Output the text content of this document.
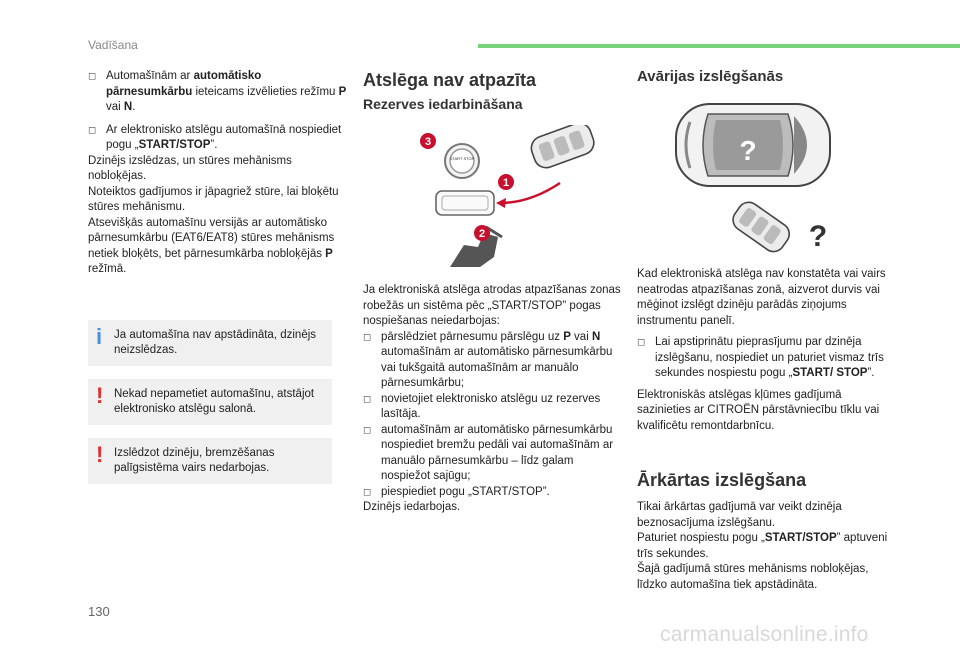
Vadīšana
◻ Automašīnām ar automātisko pārnesumkārbu ieteicams izvēlieties režīmu P vai N.
◻ Ar elektronisko atslēgu automašīnā nospiediet pogu „START/STOP”.
Dzinējs izslēdzas, un stūres mehānisms nobloķējas.
Noteiktos gadījumos ir jāpagriež stūre, lai bloķētu stūres mehānismu.
Atsevišķās automašīnu versijās ar automātisko pārnesumkārbu (EAT6/EAT8) stūres mehānisms netiek bloķēts, bet pārnesumkārba nobloķējās P režīmā.
i Ja automašīna nav apstādināta, dzinējs neizslēdzas.
! Nekad nepametiet automašīnu, atstājot elektronisko atslēgu salonā.
! Izslēdzot dzinēju, bremzēšanas palīgsistēma vairs nedarbojas.
Atslēga nav atpazīta
Rezerves iedarbināšana
START STOP
3
1
2
Ja elektroniskā atslēga atrodas atpazīšanas zonas robežās un sistēma pēc „START/STOP” pogas nospiešanas neiedarbojas:
◻ pārslēdziet pārnesumu pārslēgu uz P vai N automašīnām ar automātisko pārnesumkārbu vai tukšgaitā automašīnām ar manuālo pārnesumkārbu;
◻ novietojiet elektronisko atslēgu uz rezerves lasītāja.
◻ automašīnām ar automātisko pārnesumkārbu nospiediet bremžu pedāli vai automašīnām ar manuālo pārnesumkārbu – līdz galam nospiežot sajūgu;
◻ piespiediet pogu „START/STOP”.
Dzinējs iedarbojas.
Avārijas izslēgšanās
?
?
Kad elektroniskā atslēga nav konstatēta vai vairs neatrodas atpazīšanas zonā, aizverot durvis vai mēģinot izslēgt dzinēju parādās ziņojums instrumentu panelī.
◻ Lai apstiprinātu pieprasījumu par dzinēja izslēgšanu, nospiediet un paturiet vismaz trīs sekundes nospiestu pogu „START/ STOP”.
Elektroniskās atslēgas kļūmes gadījumā sazinieties ar CITROËN pārstāvniecību tīklu vai kvalificētu remontdarbnīcu.
Ārkārtas izslēgšana
Tikai ārkārtas gadījumā var veikt dzinēja beznosacījuma izslēgšanu.
Paturiet nospiestu pogu „START/STOP” aptuveni trīs sekundes.
Šajā gadījumā stūres mehānisms nobloķējas, līdzko automašīna tiek apstādināta.
130
carmanualsonline.info
